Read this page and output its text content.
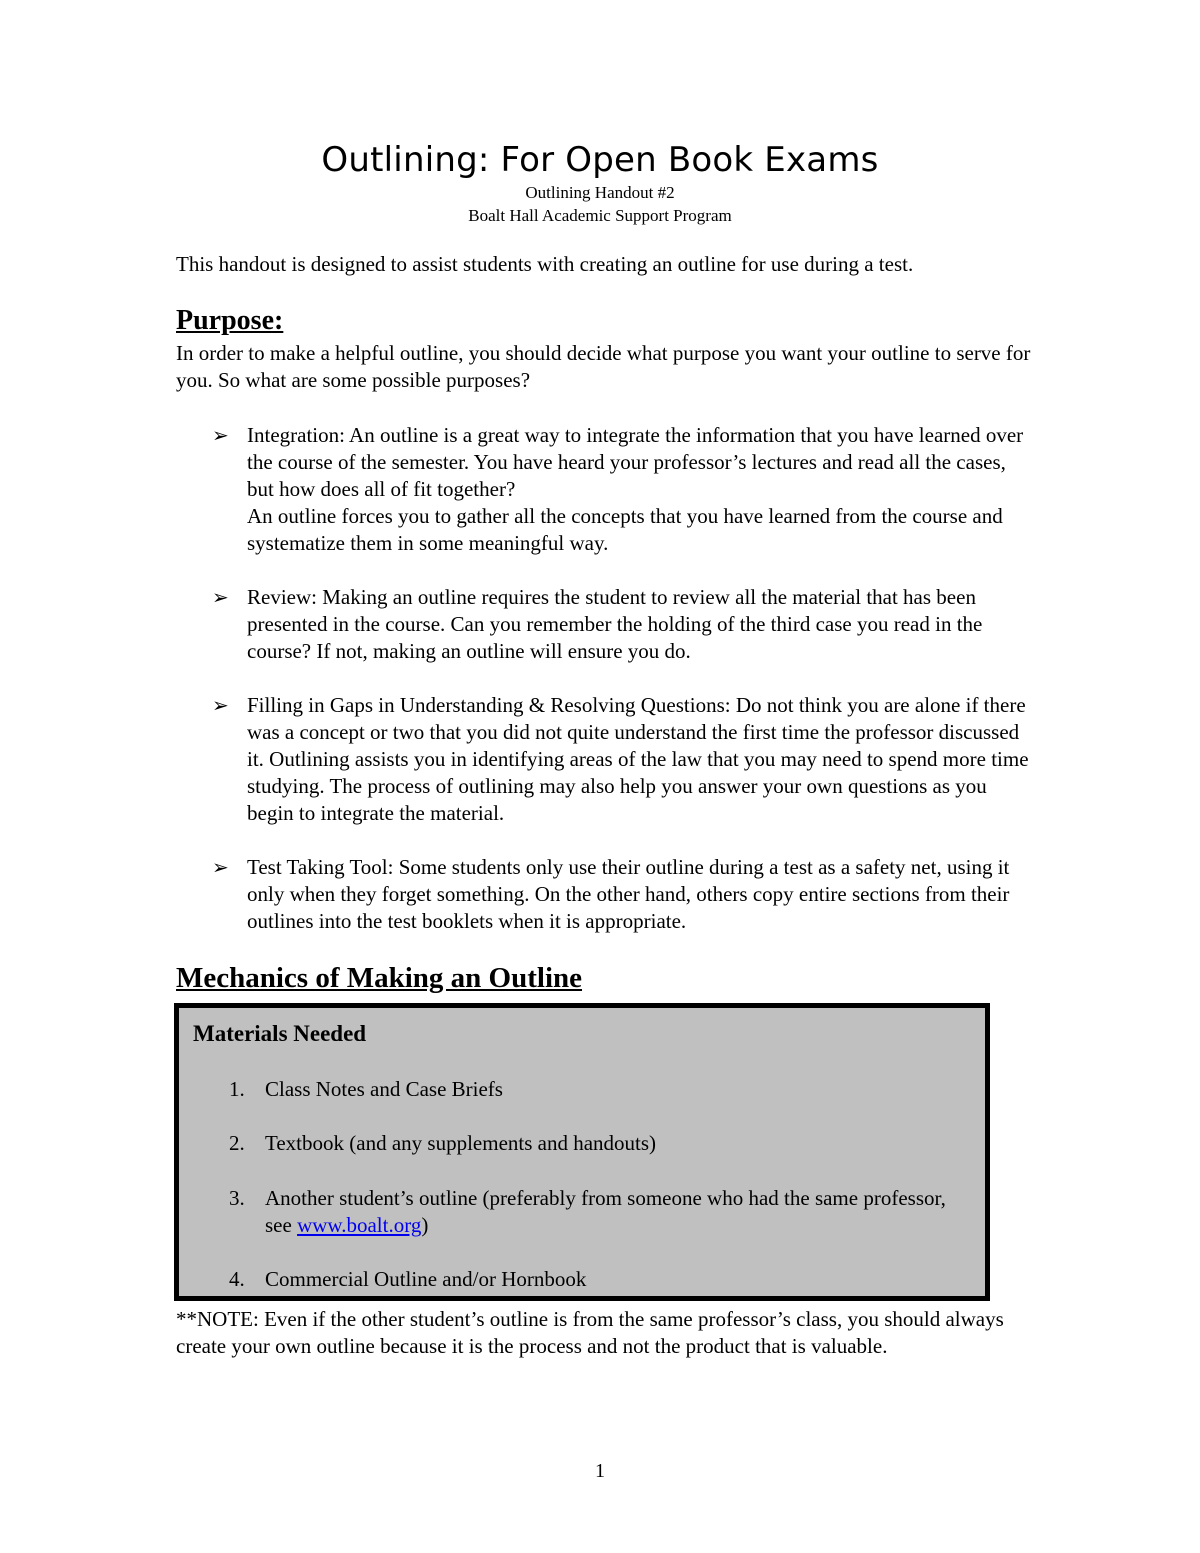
Outlining: For Open Book Exams
Outlining Handout #2
Boalt Hall Academic Support Program
This handout is designed to assist students with creating an outline for use during a test.
Purpose:
In order to make a helpful outline, you should decide what purpose you want your outline to serve for you. So what are some possible purposes?
➢ Integration: An outline is a great way to integrate the information that you have learned over the course of the semester. You have heard your professor’s lectures and read all the cases, but how does all of fit together?
An outline forces you to gather all the concepts that you have learned from the course and systematize them in some meaningful way.
➢ Review: Making an outline requires the student to review all the material that has been presented in the course. Can you remember the holding of the third case you read in the course? If not, making an outline will ensure you do.
➢ Filling in Gaps in Understanding & Resolving Questions: Do not think you are alone if there was a concept or two that you did not quite understand the first time the professor discussed it. Outlining assists you in identifying areas of the law that you may need to spend more time studying. The process of outlining may also help you answer your own questions as you begin to integrate the material.
➢ Test Taking Tool: Some students only use their outline during a test as a safety net, using it only when they forget something. On the other hand, others copy entire sections from their outlines into the test booklets when it is appropriate.
Mechanics of Making an Outline
Materials Needed
1. Class Notes and Case Briefs
2. Textbook (and any supplements and handouts)
3. Another student’s outline (preferably from someone who had the same professor, see www.boalt.org)
4. Commercial Outline and/or Hornbook
**NOTE: Even if the other student’s outline is from the same professor’s class, you should always create your own outline because it is the process and not the product that is valuable.
1
